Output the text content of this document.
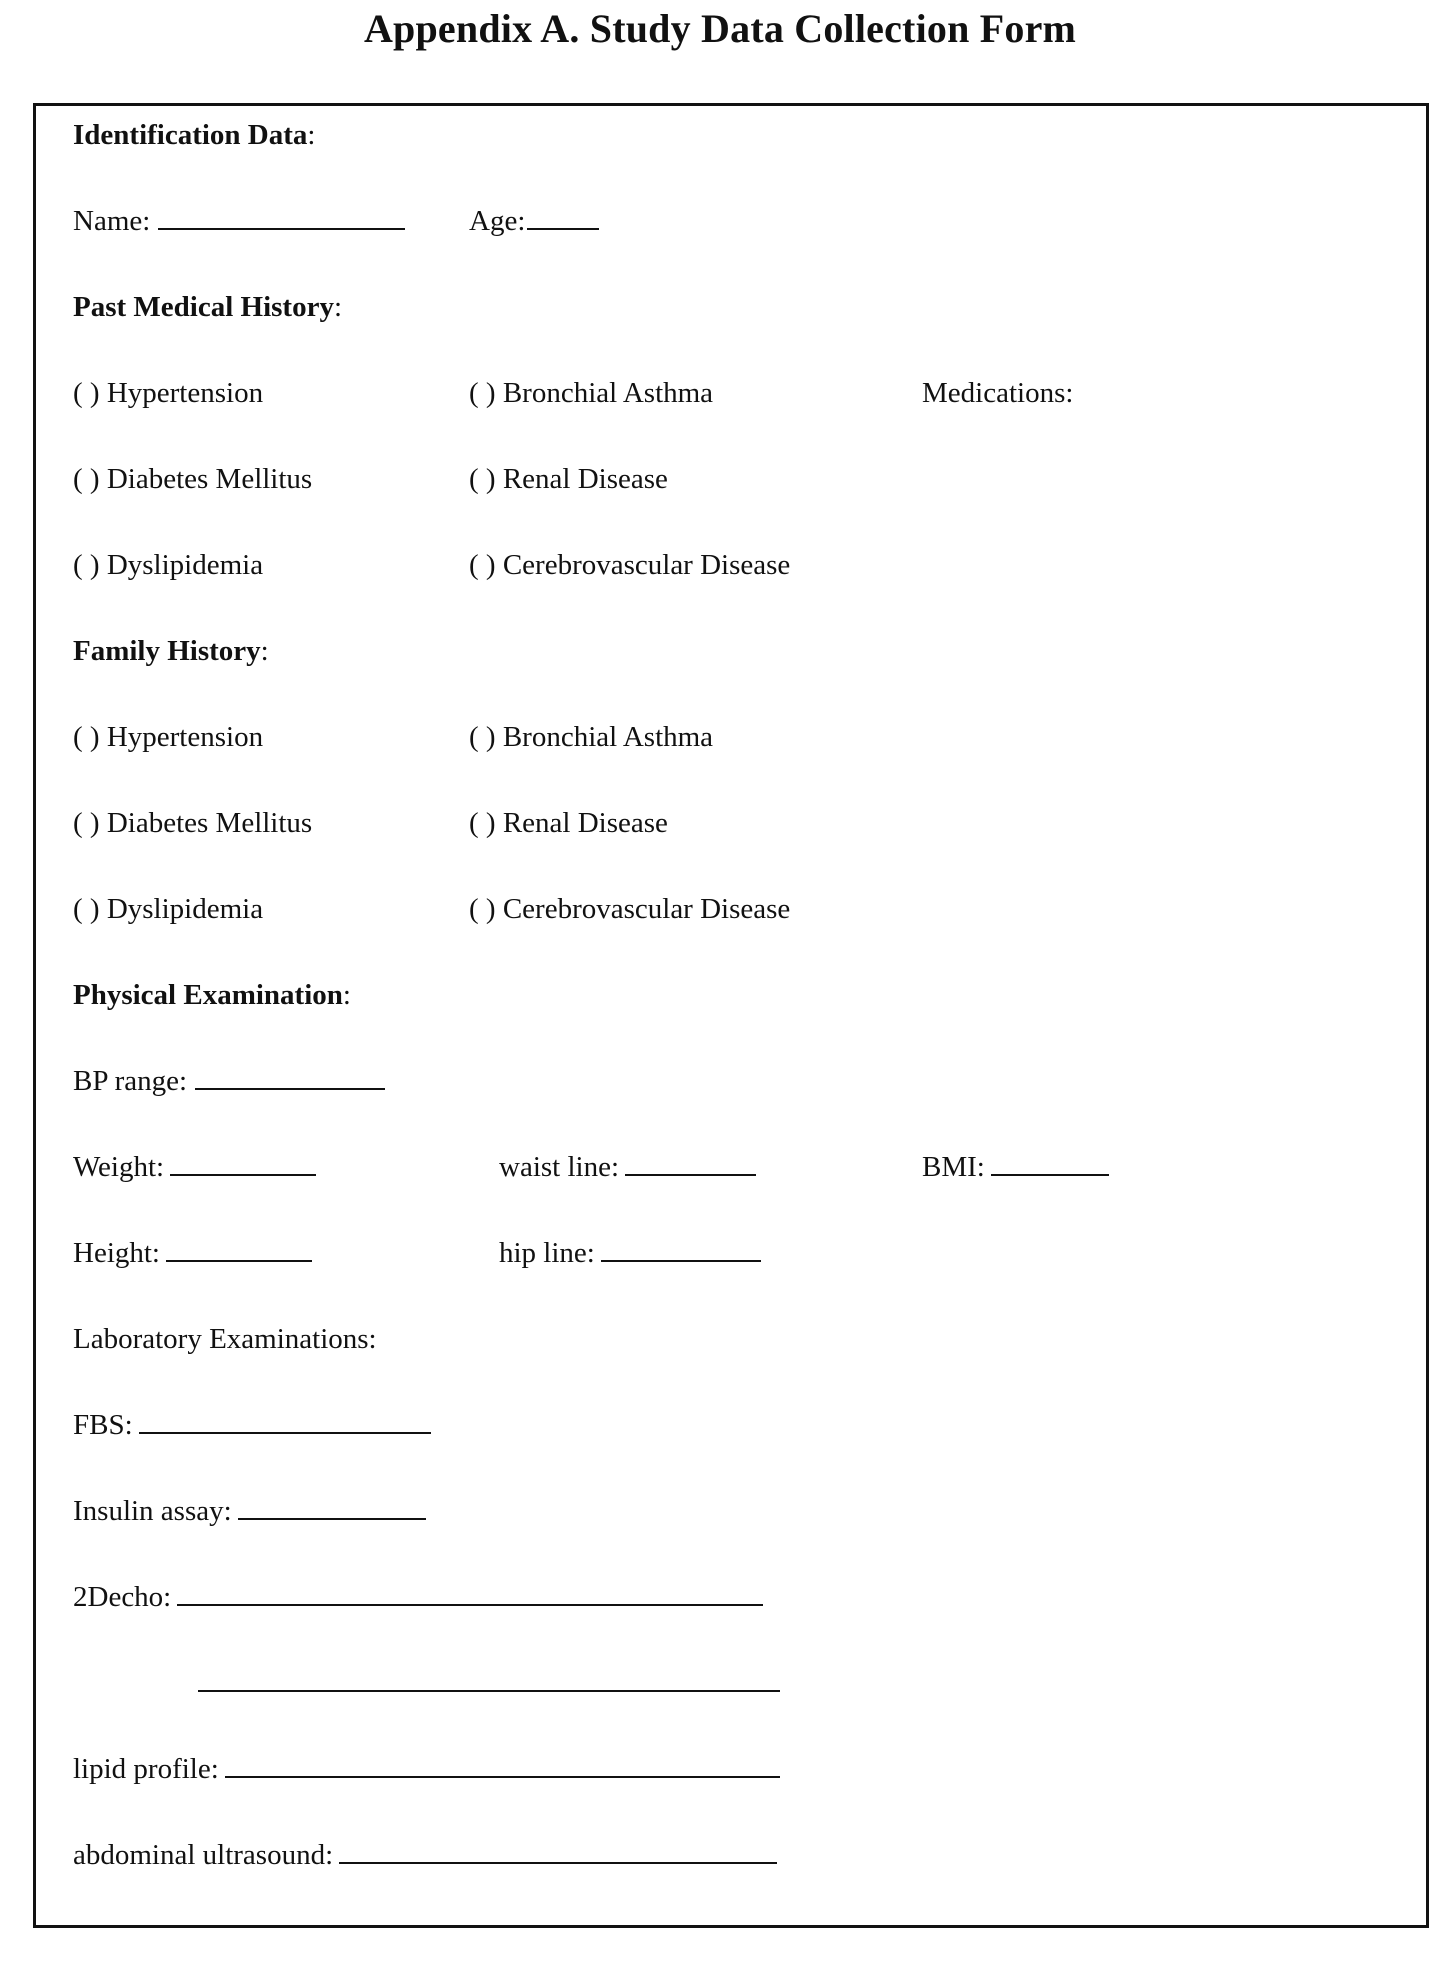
Appendix A. Study Data Collection Form
Identification Data:
Name:	Age:
Past Medical History:
( ) Hypertension	( ) Bronchial Asthma	Medications:
( ) Diabetes Mellitus	( ) Renal Disease
( ) Dyslipidemia	( ) Cerebrovascular Disease
Family History:
( ) Hypertension	( ) Bronchial Asthma
( ) Diabetes Mellitus	( ) Renal Disease
( ) Dyslipidemia	( ) Cerebrovascular Disease
Physical Examination:
BP range:
Weight:	waist line:	BMI:
Height:	hip line:
Laboratory Examinations:
FBS:
Insulin assay:
2Decho:
lipid profile:
abdominal ultrasound:
